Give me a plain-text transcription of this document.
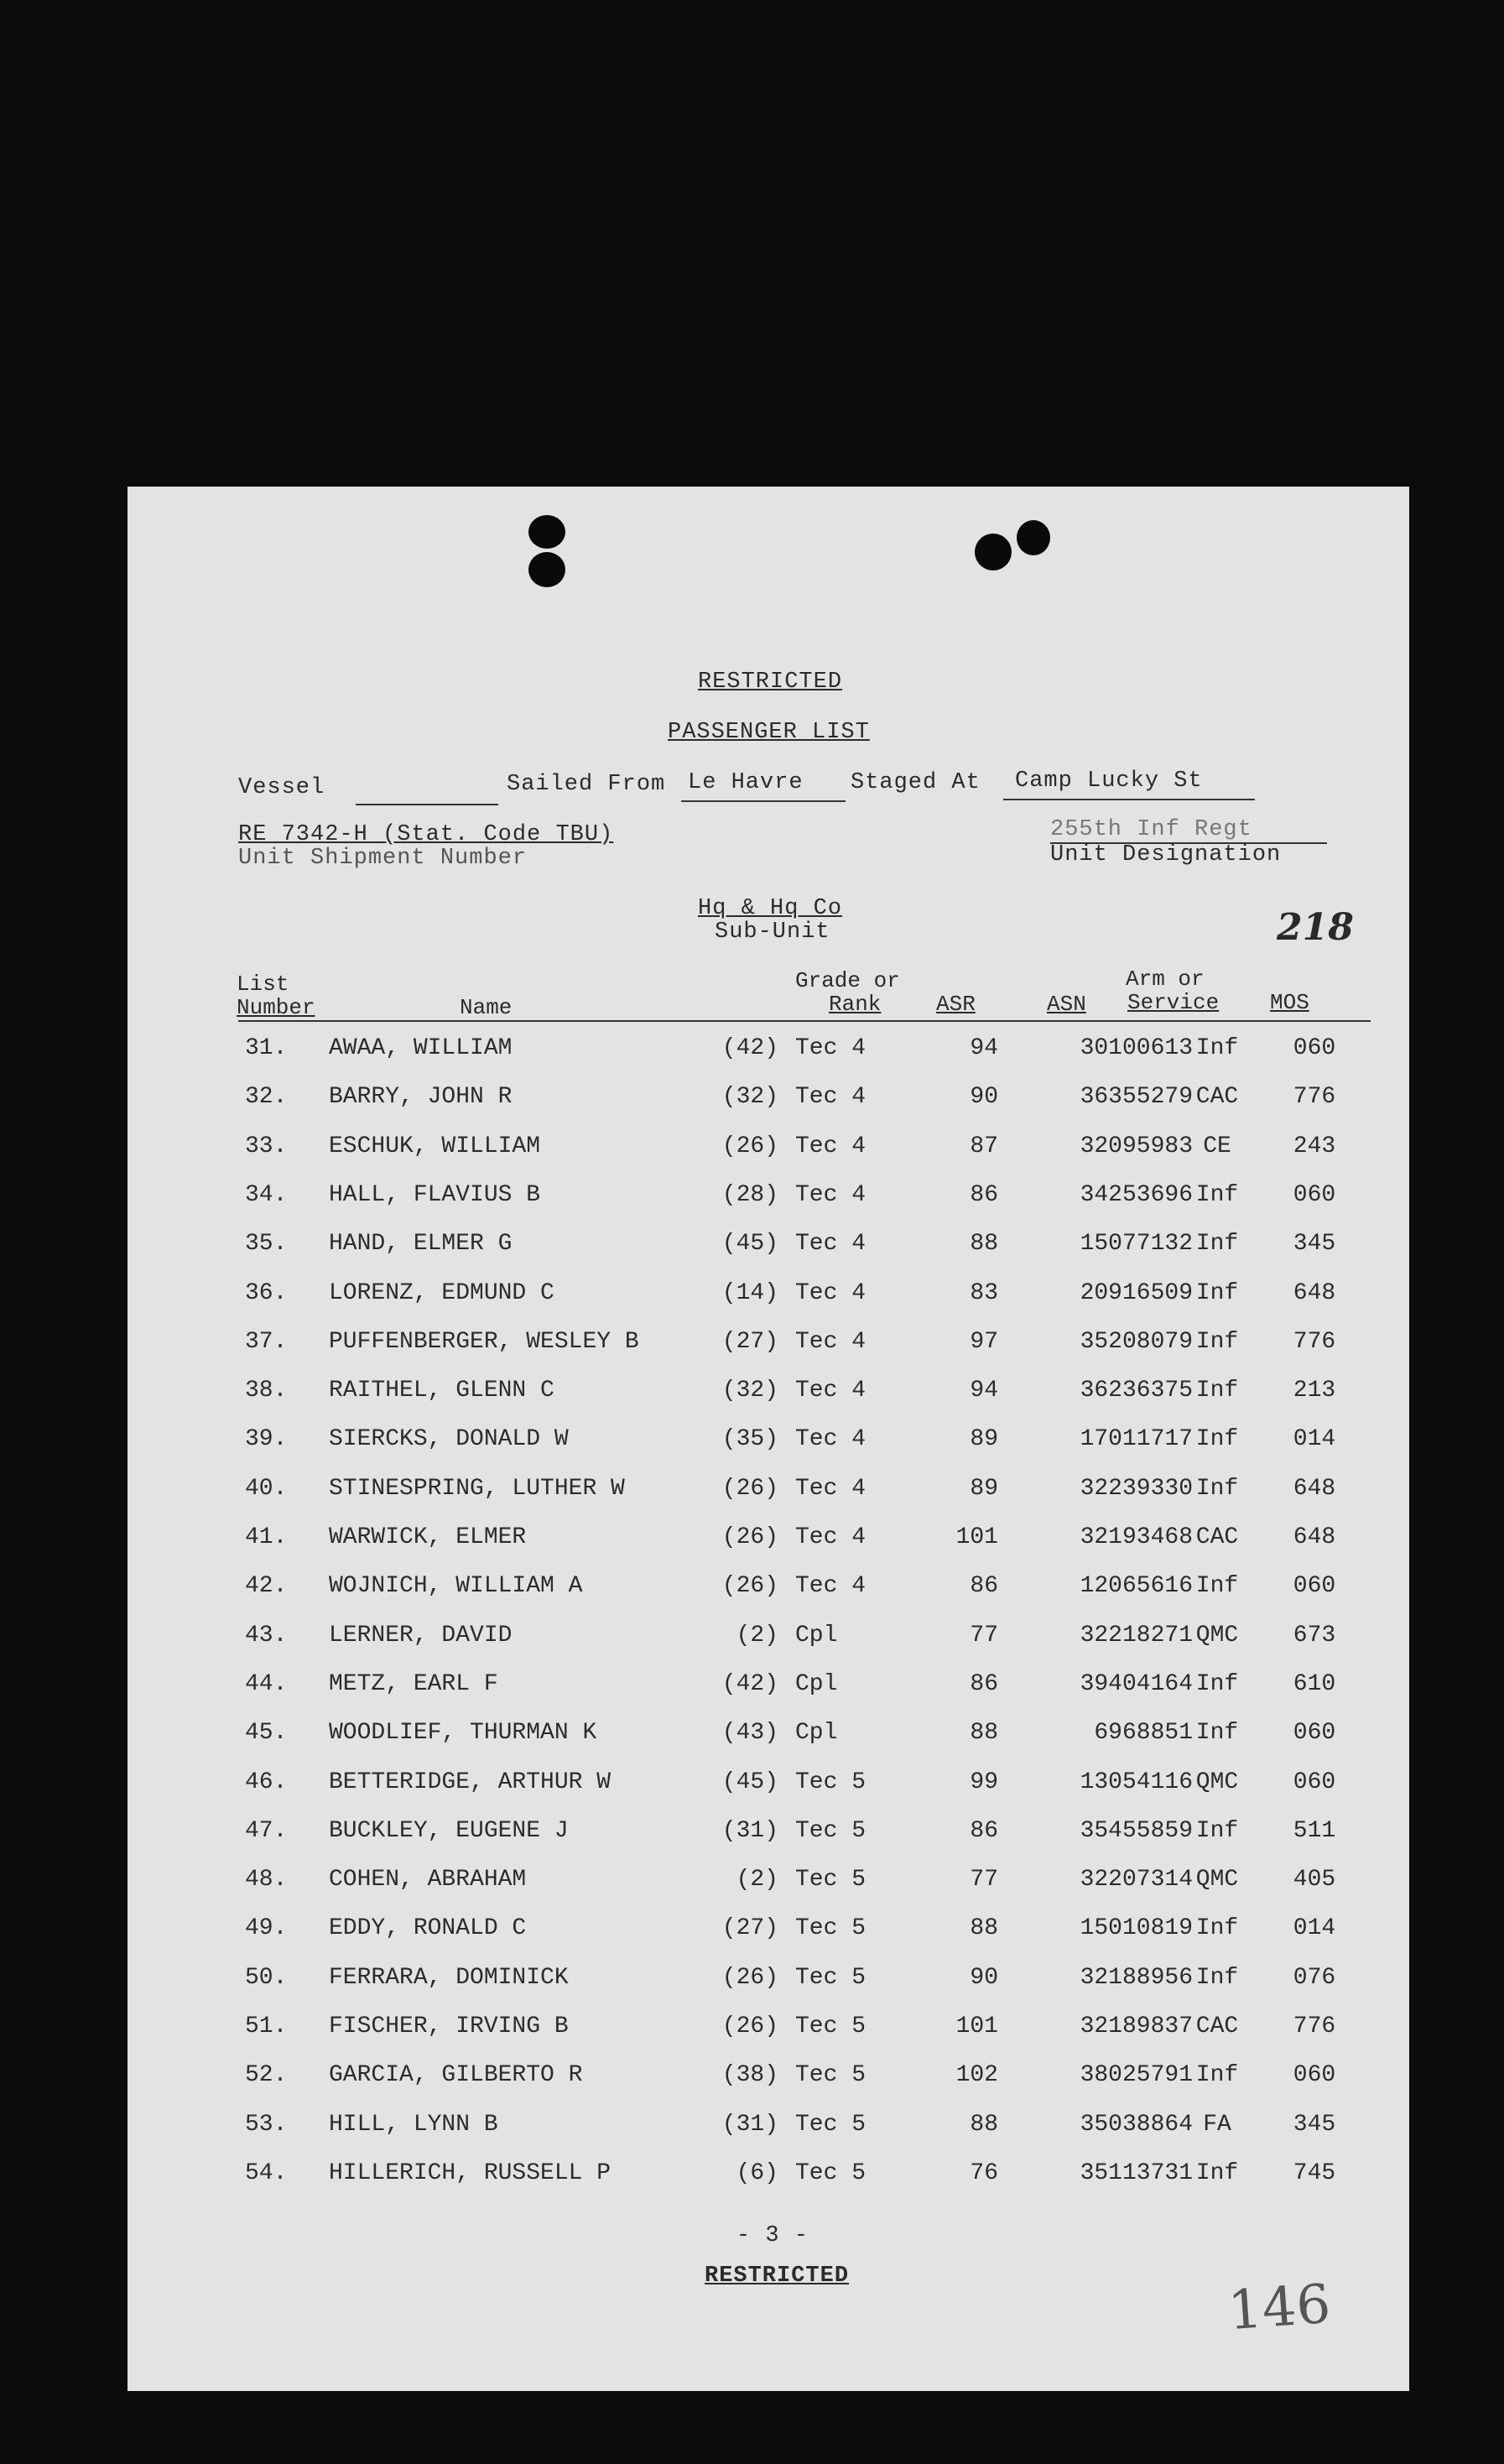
RESTRICTED
PASSENGER LIST
Vessel	Sailed From Le Havre Staged At Camp Lucky St
RE 7342-H (Stat. Code TBU)
Unit Shipment Number
255th Inf Regt
Unit Designation
Hq & Hq Co
Sub-Unit	218
List
Number	Name
Grade or
Rank	ASR	ASN
Arm or
Service MOS
31. AWAA, WILLIAM	(42) Tec 4	94	30100613 Inf	060
32. BARRY, JOHN R	(32) Tec 4	90	36355279 CAC	776
33. ESCHUK, WILLIAM	(26) Tec 4	87	32095983 CE	243
34. HALL, FLAVIUS B	(28) Tec 4	86	34253696 Inf	060
35. HAND, ELMER G	(45) Tec 4	88	15077132 Inf	345
36. LORENZ, EDMUND C	(14) Tec 4	83	20916509 Inf	648
37. PUFFENBERGER, WESLEY B	(27) Tec 4	97	35208079 Inf	776
38. RAITHEL, GLENN C	(32) Tec 4	94	36236375 Inf	213
39. SIERCKS, DONALD W	(35) Tec 4	89	17011717 Inf	014
40. STINESPRING, LUTHER W	(26) Tec 4	89	32239330 Inf	648
41. WARWICK, ELMER	(26) Tec 4	101	32193468 CAC	648
42. WOJNICH, WILLIAM A	(26) Tec 4	86	12065616 Inf	060
43. LERNER, DAVID	(2) Cpl	77	32218271 QMC	673
44. METZ, EARL F	(42) Cpl	86	39404164 Inf	610
45. WOODLIEF, THURMAN K	(43) Cpl	88	6968851 Inf	060
46. BETTERIDGE, ARTHUR W	(45) Tec 5	99	13054116 QMC	060
47. BUCKLEY, EUGENE J	(31) Tec 5	86	35455859 Inf	511
48. COHEN, ABRAHAM	(2) Tec 5	77	32207314 QMC	405
49. EDDY, RONALD C	(27) Tec 5	88	15010819 Inf	014
50. FERRARA, DOMINICK	(26) Tec 5	90	32188956 Inf	076
51. FISCHER, IRVING B	(26) Tec 5	101	32189837 CAC	776
52. GARCIA, GILBERTO R	(38) Tec 5	102	38025791 Inf	060
53. HILL, LYNN B	(31) Tec 5	88	35038864 FA	345
54. HILLERICH, RUSSELL P	(6) Tec 5	76	35113731 Inf	745
- 3 -
RESTRICTED	146
